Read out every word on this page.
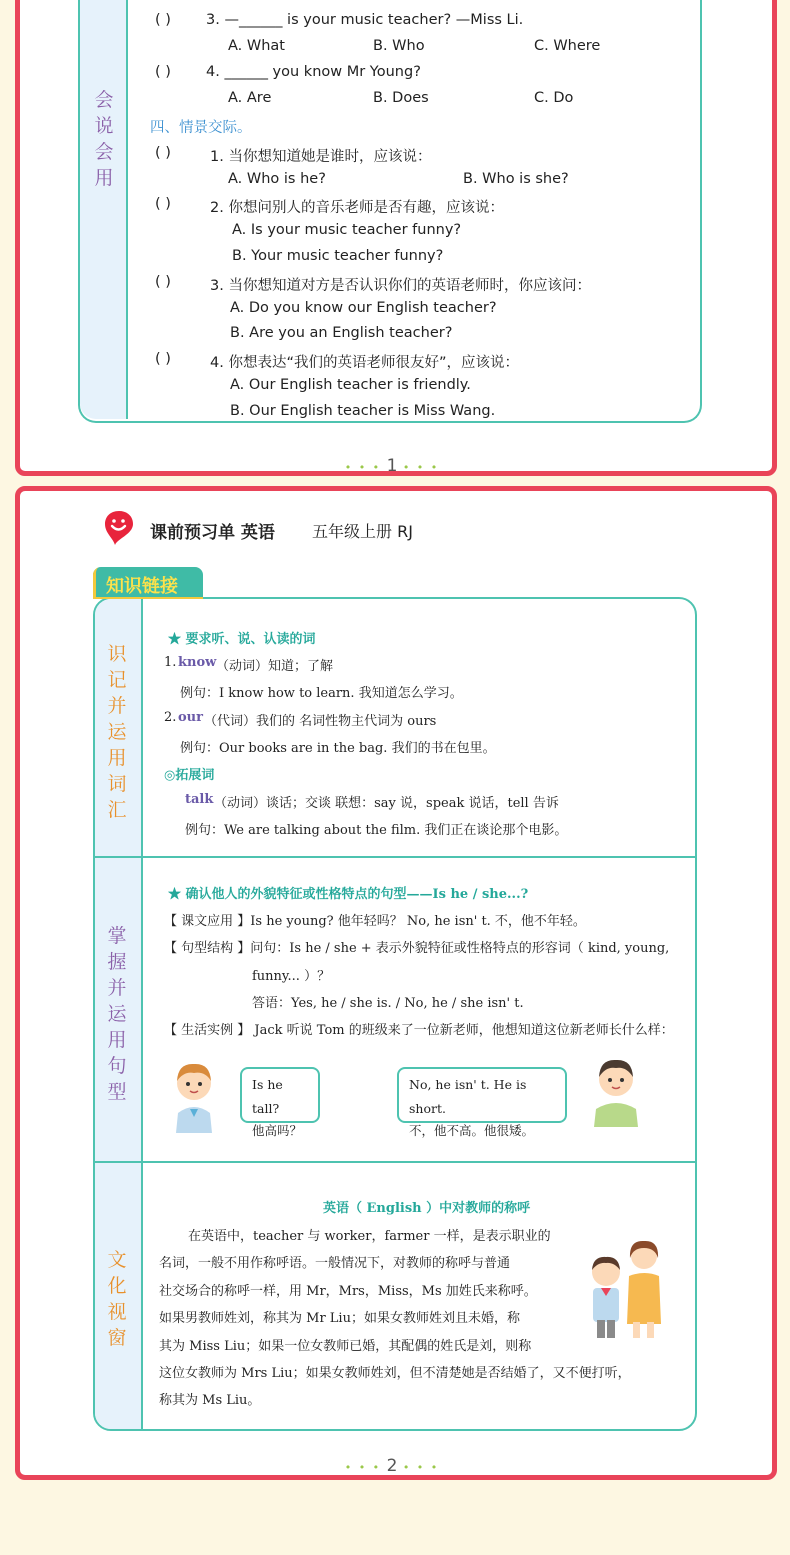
会说会用
( ) 3. —______ is your music teacher? —Miss Li.
A. What	B. Who	C. Where
( ) 4. ______ you know Mr Young?
A. Are	B. Does	C. Do
四、情景交际。
( )	1. 当你想知道她是谁时，应该说：
A. Who is he?	B. Who is she?
( )	2. 你想问别人的音乐老师是否有趣，应该说：
A. Is your music teacher funny?
B. Your music teacher funny?
( )	3. 当你想知道对方是否认识你们的英语老师时，你应该问：
A. Do you know our English teacher?
B. Are you an English teacher?
( )	4. 你想表达“我们的英语老师很友好”，应该说：
A. Our English teacher is friendly.
B. Our English teacher is Miss Wang.
• • • 1 • • •
课前预习单 英语 五年级上册 RJ
知识链接
识记并运用词汇
掌握并运用句型
文化视窗
★ 要求听、说、认读的词
1. know （动词）知道；了解
例句：I know how to learn. 我知道怎么学习。
2. our （代词）我们的 名词性物主代词为 ours
例句：Our books are in the bag. 我们的书在包里。
◎拓展词
talk （动词）谈话；交谈 联想：say 说，speak 说话，tell 告诉
例句：We are talking about the film. 我们正在谈论那个电影。
★ 确认他人的外貌特征或性格特点的句型——Is he / she...?
【 课文应用 】Is he young? 他年轻吗？ No, he isn' t. 不，他不年轻。
【 句型结构 】问句：Is he / she + 表示外貌特征或性格特点的形容词（ kind, young,
funny... ）？
答语：Yes, he / she is. / No, he / she isn' t.
【 生活实例 】 Jack 听说 Tom 的班级来了一位新老师，他想知道这位新老师长什么样：
Is he tall?
他高吗？
No, he isn' t. He is short.
不，他不高。他很矮。
英语（ English ）中对教师的称呼
在英语中，teacher 与 worker，farmer 一样，是表示职业的
名词，一般不用作称呼语。一般情况下，对教师的称呼与普通
社交场合的称呼一样，用 Mr，Mrs，Miss，Ms 加姓氏来称呼。
如果男教师姓刘，称其为 Mr Liu；如果女教师姓刘且未婚，称
其为 Miss Liu；如果一位女教师已婚，其配偶的姓氏是刘，则称
这位女教师为 Mrs Liu；如果女教师姓刘，但不清楚她是否结婚了，又不便打听，
称其为 Ms Liu。
• • • 2 • • •
